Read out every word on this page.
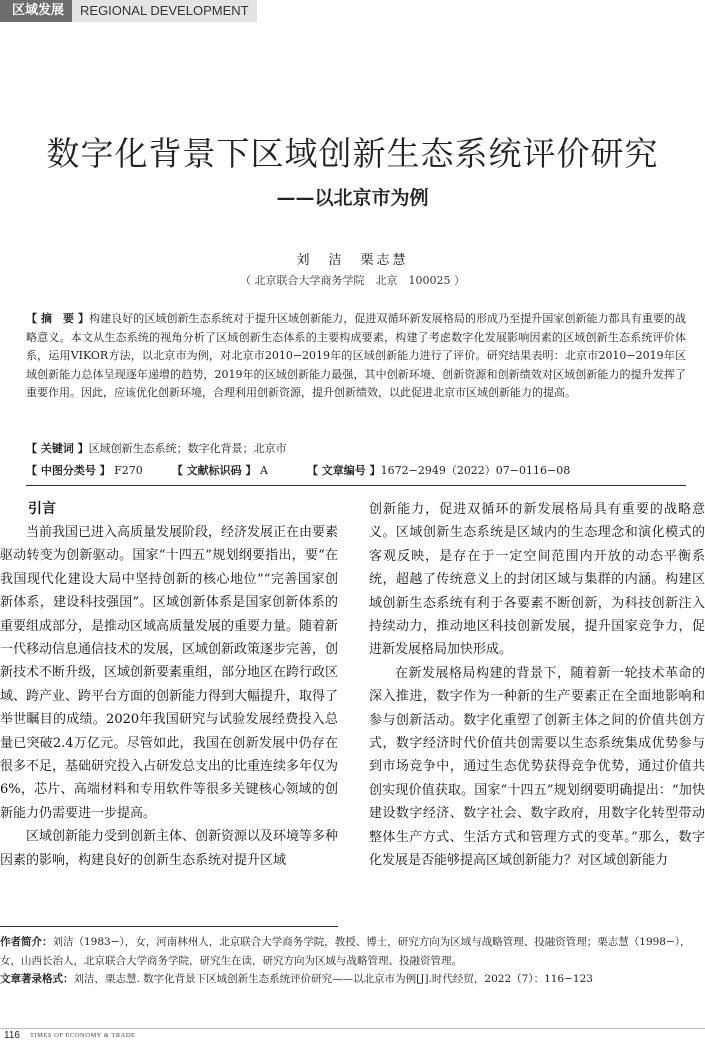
区域发展	REGIONAL DEVELOPMENT
数字化背景下区域创新生态系统评价研究
——以北京市为例
刘　洁　栗志慧
（ 北京联合大学商务学院　北京　100025 ）
【 摘　要 】构建良好的区域创新生态系统对于提升区域创新能力，促进双循环新发展格局的形成乃至提升国家创新能力都具有重要的战略意义。本文从生态系统的视角分析了区域创新生态体系的主要构成要素，构建了考虑数字化发展影响因素的区域创新生态系统评价体系，运用VIKOR方法，以北京市为例，对北京市2010−2019年的区域创新能力进行了评价。研究结果表明：北京市2010−2019年区域创新能力总体呈现逐年递增的趋势，2019年的区域创新能力最强，其中创新环境、创新资源和创新绩效对区域创新能力的提升发挥了重要作用。因此，应该优化创新环境，合理利用创新资源，提升创新绩效，以此促进北京市区域创新能力的提高。
【 关键词 】区域创新生态系统；数字化背景；北京市
【 中图分类号 】 F270	【 文献标识码 】 A	【 文章编号 】1672−2949（2022）07−0116−08

引言

当前我国已进入高质量发展阶段，经济发展正在由要素驱动转变为创新驱动。国家“十四五”规划纲要指出，要“在我国现代化建设大局中坚持创新的核心地位”“完善国家创新体系，建设科技强国”。区域创新体系是国家创新体系的重要组成部分，是推动区域高质量发展的重要力量。随着新一代移动信息通信技术的发展，区域创新政策逐步完善，创新技术不断升级，区域创新要素重组，部分地区在跨行政区域、跨产业、跨平台方面的创新能力得到大幅提升，取得了举世瞩目的成绩。2020年我国研究与试验发展经费投入总量已突破2.4万亿元。尽管如此，我国在创新发展中仍存在很多不足，基础研究投入占研发总支出的比重连续多年仅为6%，芯片、高端材料和专用软件等很多关键核心领域的创新能力仍需要进一步提高。

区域创新能力受到创新主体、创新资源以及环境等多种因素的影响，构建良好的创新生态系统对提升区域

创新能力，促进双循环的新发展格局具有重要的战略意义。区域创新生态系统是区域内的生态理念和演化模式的客观反映，是存在于一定空间范围内开放的动态平衡系统，超越了传统意义上的封闭区域与集群的内涵。构建区域创新生态系统有利于各要素不断创新，为科技创新注入持续动力，推动地区科技创新发展，提升国家竞争力，促进新发展格局加快形成。

在新发展格局构建的背景下，随着新一轮技术革命的深入推进，数字作为一种新的生产要素正在全面地影响和参与创新活动。数字化重塑了创新主体之间的价值共创方式，数字经济时代价值共创需要以生态系统集成优势参与到市场竞争中，通过生态优势获得竞争优势，通过价值共创实现价值获取。国家“十四五”规划纲要明确提出：“加快建设数字经济、数字社会、数字政府，用数字化转型带动整体生产方式、生活方式和管理方式的变革。”那么，数字化发展是否能够提高区域创新能力？对区域创新能力

作者简介：刘洁（1983−），女，河南林州人，北京联合大学商务学院，教授、博士，研究方向为区域与战略管理、投融资管理；栗志慧（1998−），女，山西长治人，北京联合大学商务学院，研究生在读，研究方向为区域与战略管理、投融资管理。

文章著录格式：刘洁，栗志慧. 数字化背景下区域创新生态系统评价研究——以北京市为例[J].时代经贸，2022（7）：116−123

116 TIMES OF ECONOMY & TRADE
